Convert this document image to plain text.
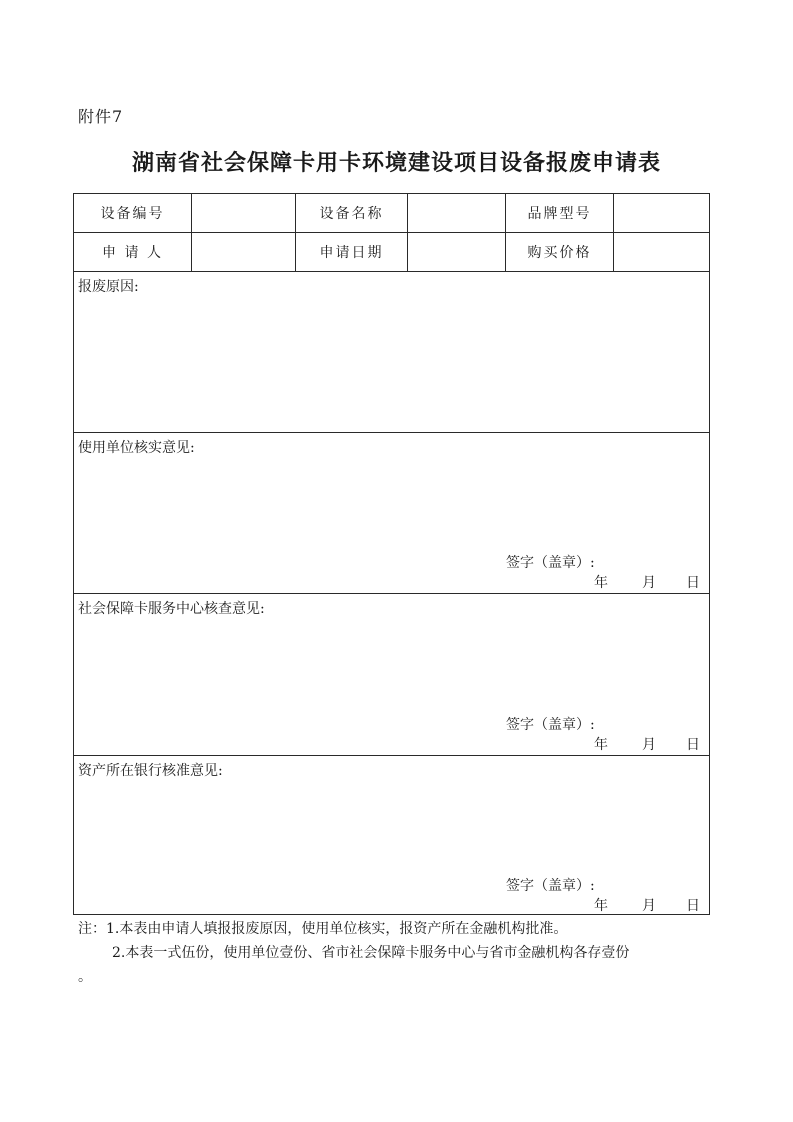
附件7
湖南省社会保障卡用卡环境建设项目设备报废申请表
设备编号		设备名称		品牌型号	
申 请 人		申请日期		购买价格	

报废原因:					

使用单位核实意见:
签字（盖章）:
年 月 日					

社会保障卡服务中心核查意见:
签字（盖章）:
年 月 日					

资产所在银行核准意见:
签字（盖章）:
年 月 日					
注：1.本表由申请人填报报废原因，使用单位核实，报资产所在金融机构批准。
2.本表一式伍份，使用单位壹份、省市社会保障卡服务中心与省市金融机构各存壹份
。
